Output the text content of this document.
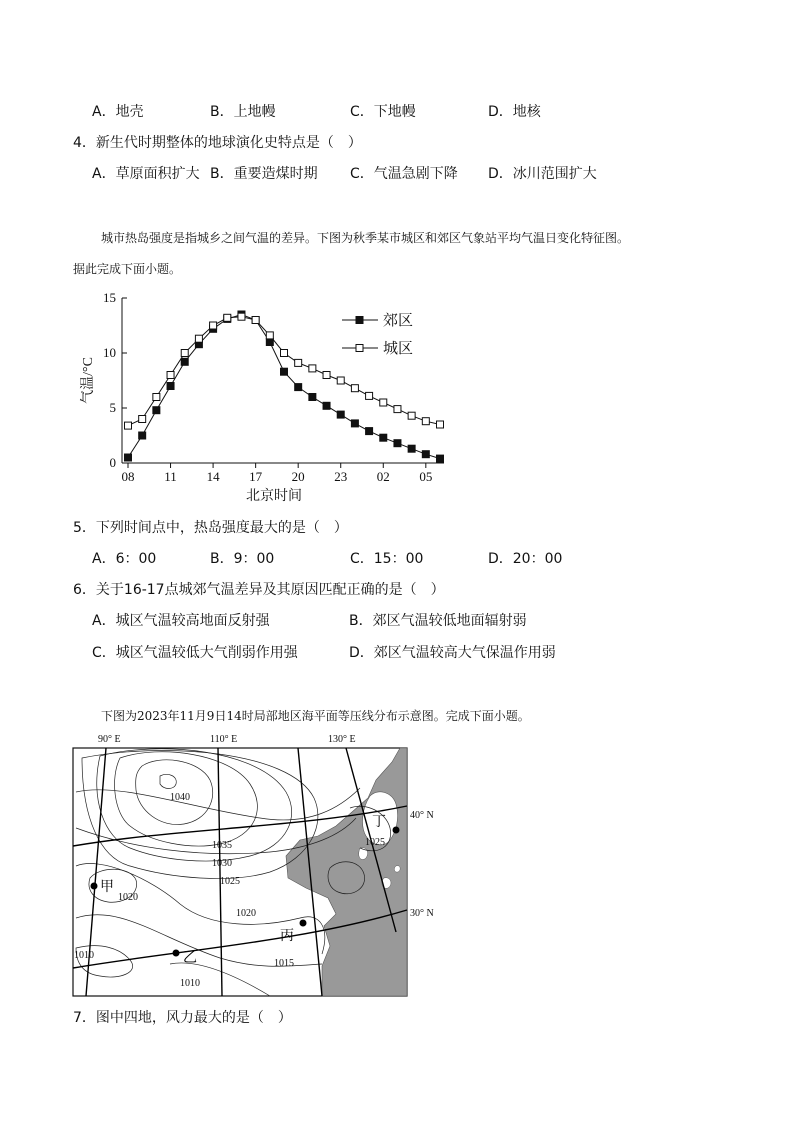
A．地壳	B．上地幔	C．下地幔	D．地核
4．新生代时期整体的地球演化史特点是（　）
A．草原面积扩大 B．重要造煤时期 C．气温急剧下降 D．冰川范围扩大
城市热岛强度是指城乡之间气温的差异。下图为秋季某市城区和郊区气象站平均气温日变化特征图。
据此完成下面小题。
0
5
10
15
08 11 14 17 20 23 02 05
北京时间
气温/°C
郊区
城区
5．下列时间点中，热岛强度最大的是（　）
A．6：00	B．9：00	C．15：00	D．20：00
6．关于16-17点城郊气温差异及其原因匹配正确的是（　）
A．城区气温较高地面反射强	B．郊区气温较低地面辐射弱
C．城区气温较低大气削弱作用强	D．郊区气温较高大气保温作用弱
下图为2023年11月9日14时局部地区海平面等压线分布示意图。完成下面小题。
1040
1035
1030
1025
1025
1020
1020
1015
1010
1010
90° E	110° E	130° E
40° N
30° N
甲
乙
丙
丁
7．图中四地，风力最大的是（　）
